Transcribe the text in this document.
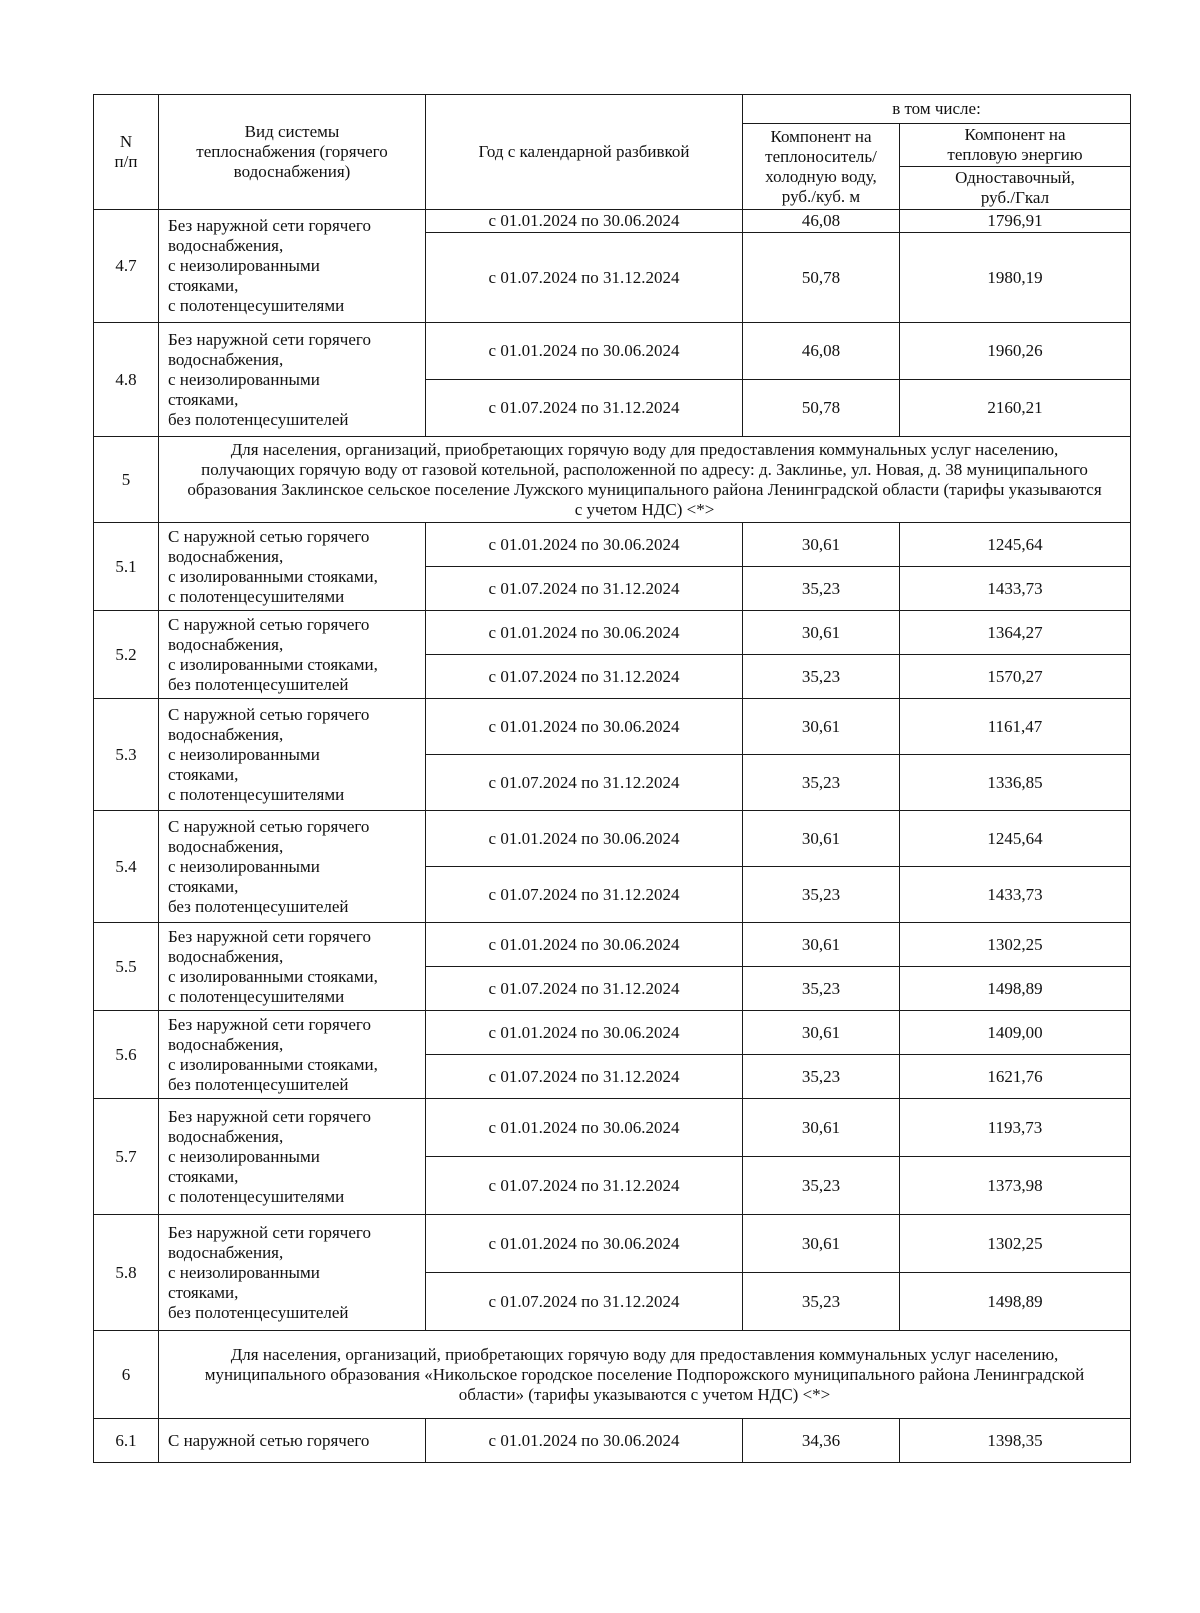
N
п/п	Вид системы
теплоснабжения (горячего
водоснабжения)	Год с календарной разбивкой	в том числе:	
			Компонент на
теплоноситель/
холодную воду,
руб./куб. м	Компонент на
тепловую энергию
				Одноставочный,
руб./Гкал
4.7	Без наружной сети горячего
водоснабжения,
с неизолированными
стояками,
с полотенцесушителями	с 01.01.2024 по 30.06.2024	46,08	1796,91
		с 01.07.2024 по 31.12.2024	50,78	1980,19
4.8	Без наружной сети горячего
водоснабжения,
с неизолированными
стояками,
без полотенцесушителей	с 01.01.2024 по 30.06.2024	46,08	1960,26
		с 01.07.2024 по 31.12.2024	50,78	2160,21
5	Для населения, организаций, приобретающих горячую воду для предоставления коммунальных услуг населению, получающих горячую воду от газовой котельной, расположенной по адресу: д. Заклинье, ул. Новая, д. 38 муниципального образования Заклинское сельское поселение Лужского муниципального района Ленинградской области (тарифы указываются с учетом НДС) <*>			
5.1	С наружной сетью горячего
водоснабжения,
с изолированными стояками,
с полотенцесушителями	с 01.01.2024 по 30.06.2024	30,61	1245,64
		с 01.07.2024 по 31.12.2024	35,23	1433,73
5.2	С наружной сетью горячего
водоснабжения,
с изолированными стояками,
без полотенцесушителей	с 01.01.2024 по 30.06.2024	30,61	1364,27
		с 01.07.2024 по 31.12.2024	35,23	1570,27
5.3	С наружной сетью горячего
водоснабжения,
с неизолированными
стояками,
с полотенцесушителями	с 01.01.2024 по 30.06.2024	30,61	1161,47
		с 01.07.2024 по 31.12.2024	35,23	1336,85
5.4	С наружной сетью горячего
водоснабжения,
с неизолированными
стояками,
без полотенцесушителей	с 01.01.2024 по 30.06.2024	30,61	1245,64
		с 01.07.2024 по 31.12.2024	35,23	1433,73
5.5	Без наружной сети горячего
водоснабжения,
с изолированными стояками,
с полотенцесушителями	с 01.01.2024 по 30.06.2024	30,61	1302,25
		с 01.07.2024 по 31.12.2024	35,23	1498,89
5.6	Без наружной сети горячего
водоснабжения,
с изолированными стояками,
без полотенцесушителей	с 01.01.2024 по 30.06.2024	30,61	1409,00
		с 01.07.2024 по 31.12.2024	35,23	1621,76
5.7	Без наружной сети горячего
водоснабжения,
с неизолированными
стояками,
с полотенцесушителями	с 01.01.2024 по 30.06.2024	30,61	1193,73
		с 01.07.2024 по 31.12.2024	35,23	1373,98
5.8	Без наружной сети горячего
водоснабжения,
с неизолированными
стояками,
без полотенцесушителей	с 01.01.2024 по 30.06.2024	30,61	1302,25
		с 01.07.2024 по 31.12.2024	35,23	1498,89
6	Для населения, организаций, приобретающих горячую воду для предоставления коммунальных услуг населению, муниципального образования «Никольское городское поселение Подпорожского муниципального района Ленинградской области» (тарифы указываются с учетом НДС) <*>			
6.1	С наружной сетью горячего	с 01.01.2024 по 30.06.2024	34,36	1398,35
